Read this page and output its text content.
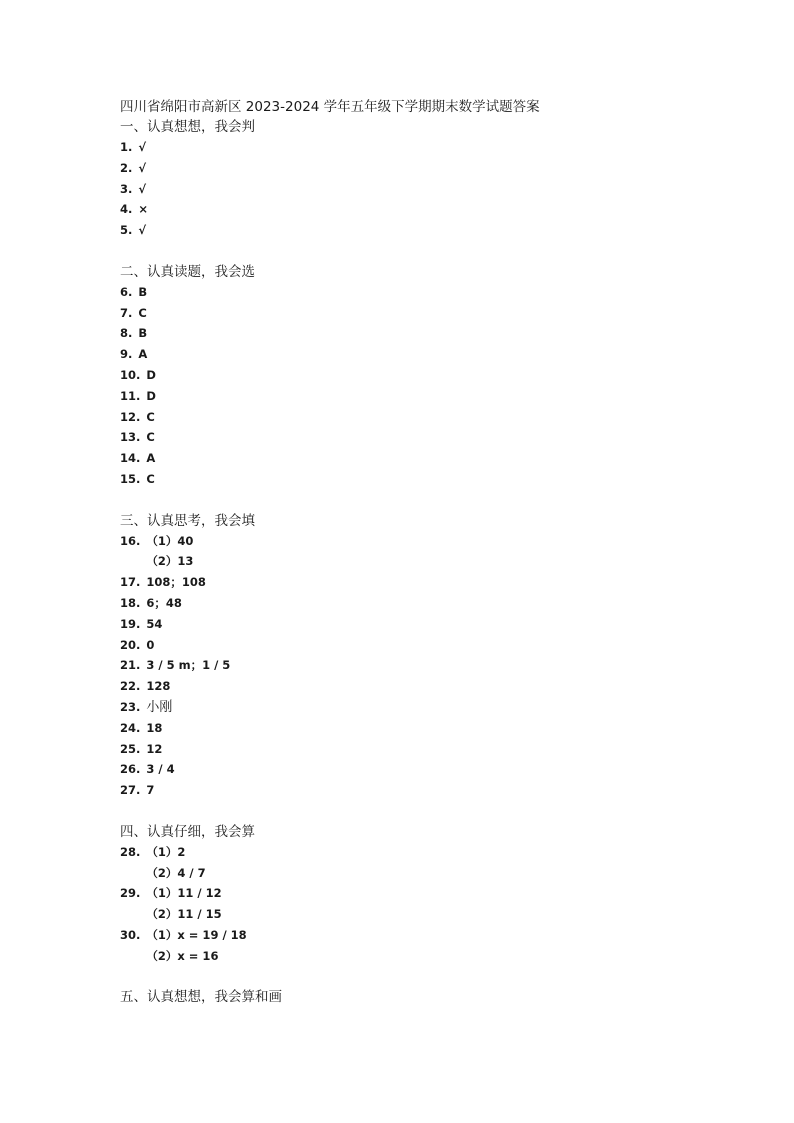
四川省绵阳市高新区 2023-2024 学年五年级下学期期末数学试题答案
一、认真想想，我会判
1. √
2. √
3. √
4. ×
5. √
二、认真读题，我会选
6. B
7. C
8. B
9. A
10. D
11. D
12. C
13. C
14. A
15. C
三、认真思考，我会填
16. （1）40
（2）13
17. 108；108
18. 6；48
19. 54
20. 0
21. 3 / 5 m；1 / 5
22. 128
23. 小刚
24. 18
25. 12
26. 3 / 4
27. 7
四、认真仔细，我会算
28. （1）2
（2）4 / 7
29. （1）11 / 12
（2）11 / 15
30. （1）x = 19 / 18
（2）x = 16
五、认真想想，我会算和画
